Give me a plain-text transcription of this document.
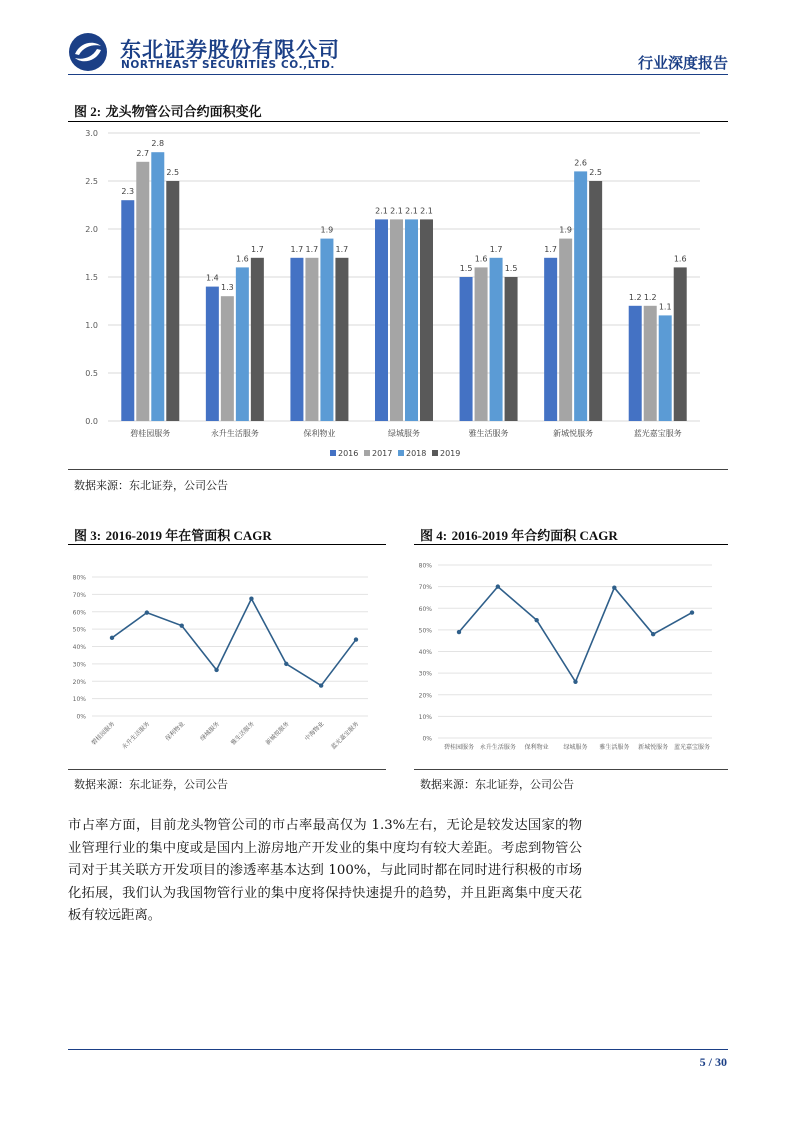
东北证券股份有限公司
NORTHEAST SECURITIES CO.,LTD.	行业深度报告
图 2: 龙头物管公司合约面积变化
0.0
0.5
1.0
1.5
2.0
2.5
3.0
2.3
2.7
2.8
2.5
碧桂园服务
1.4
1.3
1.6
1.7
永升生活服务
1.7 1.7
1.9
1.7
保利物业
2.1 2.1 2.1 2.1
绿城服务
1.5
1.6
1.7
1.5
雅生活服务
1.7
1.9
2.6
2.5
新城悦服务
1.2 1.2
1.1
1.6
蓝光嘉宝服务
2016 2017 2018 2019
数据来源：东北证券，公司公告
图 3: 2016-2019 年在管面积 CAGR
0%
10%
20%
30%
40%
50%
60%
70%
80%
碧桂园服务 永升生活服务 保利物业 绿城服务 雅生活服务 新城悦服务 中海物业 蓝光嘉宝服务
数据来源：东北证券，公司公告
图 4: 2016-2019 年合约面积 CAGR
0%
10%
20%
30%
40%
50%
60%
70%
80%
碧桂园服务 永升生活服务 保利物业 绿城服务 雅生活服务 新城悦服务 蓝光嘉宝服务
数据来源：东北证券，公司公告
市占率方面，目前龙头物管公司的市占率最高仅为 1.3%左右，无论是较发达国家的物业管理行业的集中度或是国内上游房地产开发业的集中度均有较大差距。考虑到物管公司对于其关联方开发项目的渗透率基本达到 100%，与此同时都在同时进行积极的市场化拓展，我们认为我国物管行业的集中度将保持快速提升的趋势，并且距离集中度天花板有较远距离。
5 / 30
